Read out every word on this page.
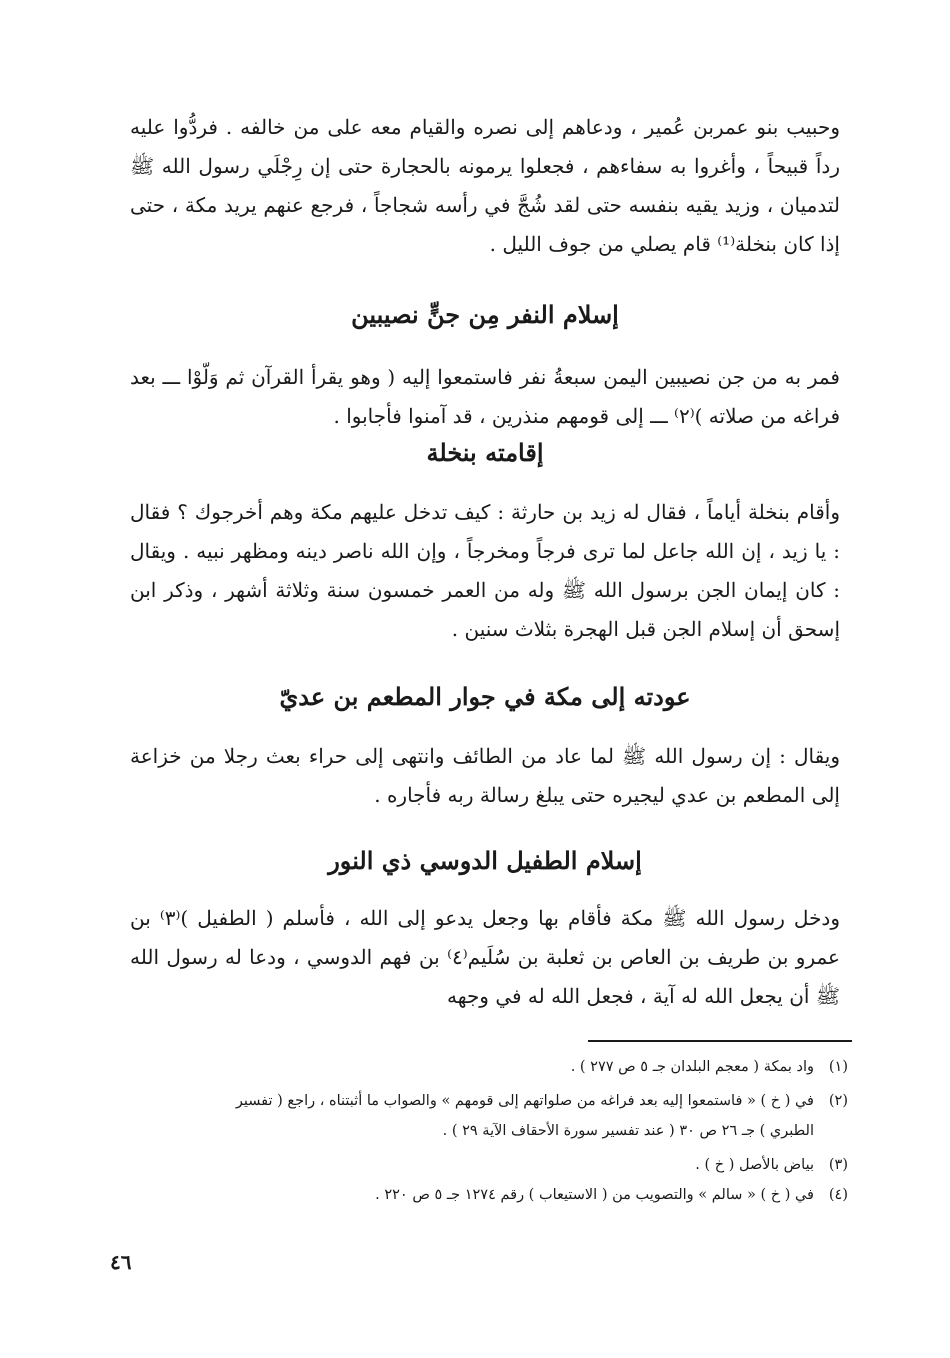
وحبيب بنو عمربن عُمير ، ودعاهم إلى نصره والقيام معه على من خالفه . فردُّوا عليه رداً قبيحاً ، وأغروا به سفاءهم ، فجعلوا يرمونه بالحجارة حتى إن رِجْلَي رسول الله ﷺ لتدميان ، وزيد يقيه بنفسه حتى لقد شُجَّ في رأسه شجاجاً ، فرجع عنهم يريد مكة ، حتى إذا كان بنخلة⁽¹⁾ قام يصلي من جوف الليل .
إسلام النفر مِن جنٍّ نصيبين
فمر به من جن نصيبين اليمن سبعةُ نفر فاستمعوا إليه ( وهو يقرأ القرآن ثم وَلّوْا ـــ بعد فراغه من صلاته )⁽٢⁾ ـــ إلى قومهم منذرين ، قد آمنوا فأجابوا .
إقامته بنخلة
وأقام بنخلة أياماً ، فقال له زيد بن حارثة : كيف تدخل عليهم مكة وهم أخرجوك ؟ فقال : يا زيد ، إن الله جاعل لما ترى فرجاً ومخرجاً ، وإن الله ناصر دينه ومظهر نبيه . ويقال : كان إيمان الجن برسول الله ﷺ وله من العمر خمسون سنة وثلاثة أشهر ، وذكر ابن إسحق أن إسلام الجن قبل الهجرة بثلاث سنين .
عودته إلى مكة في جوار المطعم بن عديّ
ويقال : إن رسول الله ﷺ لما عاد من الطائف وانتهى إلى حراء بعث رجلا من خزاعة إلى المطعم بن عدي ليجيره حتى يبلغ رسالة ربه فأجاره .
إسلام الطفيل الدوسي ذي النور
ودخل رسول الله ﷺ مكة فأقام بها وجعل يدعو إلى الله ، فأسلم ( الطفيل )⁽٣⁾ بن عمرو بن طريف بن العاص بن ثعلبة بن سُلَيم⁽٤⁾ بن فهم الدوسي ، ودعا له رسول الله ﷺ أن يجعل الله له آية ، فجعل الله له في وجهه
(١)واد بمكة ( معجم البلدان جـ ٥ ص ٢٧٧ ) .
(٢)في ( خ ) « فاستمعوا إليه بعد فراغه من صلواتهم إلى قومهم » والصواب ما أثبتناه ، راجع ( تفسير
الطبري ) جـ ٢٦ ص ٣٠ ( عند تفسير سورة الأحقاف الآية ٢٩ ) .
(٣)بياض بالأصل ( خ ) .
(٤)في ( خ ) « سالم » والتصويب من ( الاستيعاب ) رقم ١٢٧٤ جـ ٥ ص ٢٢٠ .
٤٦
